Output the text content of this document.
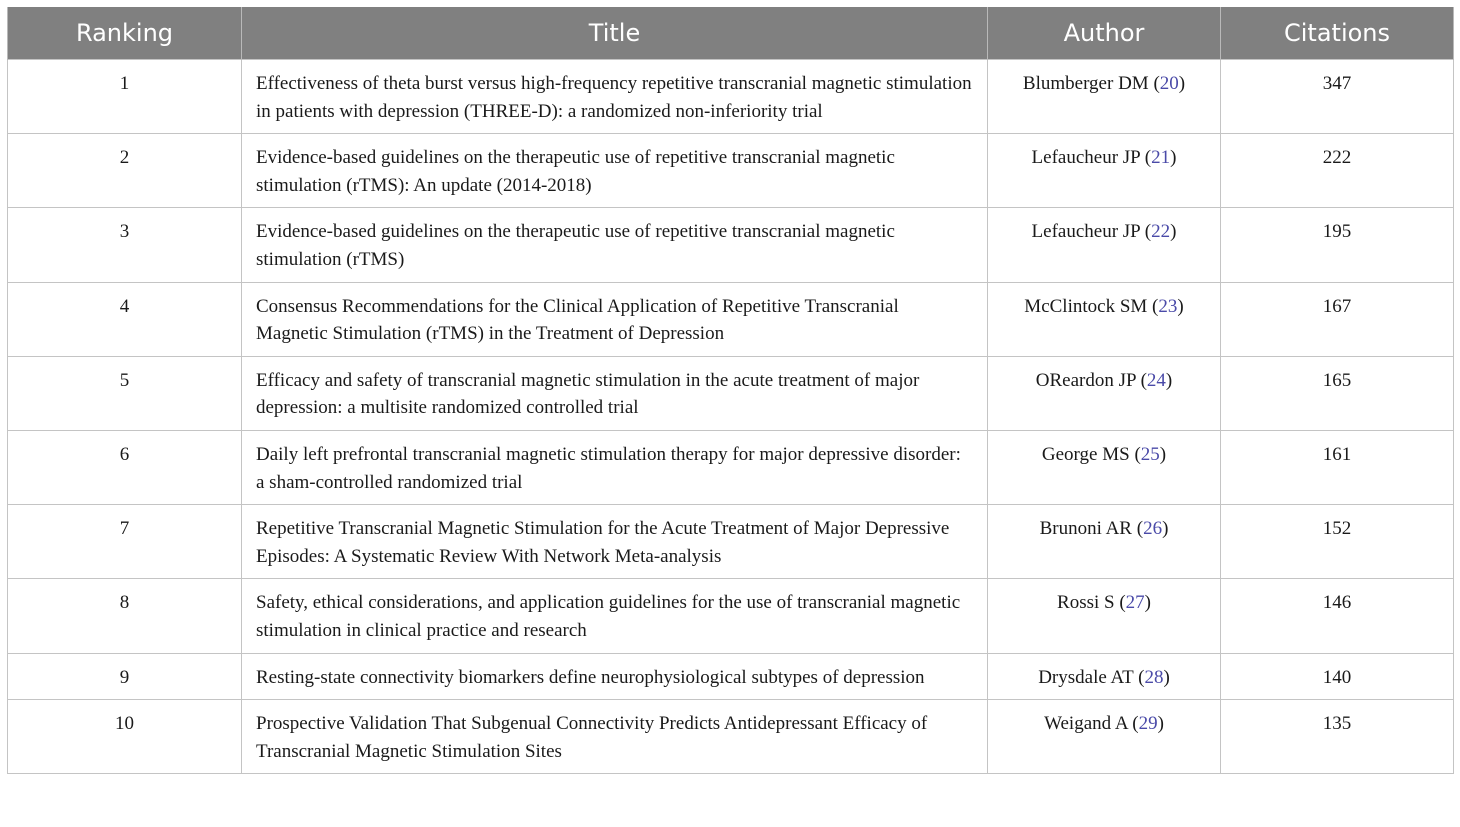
Ranking	Title	Author	Citations
1	Effectiveness of theta burst versus high-frequency repetitive transcranial magnetic stimulation in patients with depression (THREE-D): a randomized non-inferiority trial	Blumberger DM (20)	347
2	Evidence-based guidelines on the therapeutic use of repetitive transcranial magnetic stimulation (rTMS): An update (2014-2018)	Lefaucheur JP (21)	222
3	Evidence-based guidelines on the therapeutic use of repetitive transcranial magnetic stimulation (rTMS)	Lefaucheur JP (22)	195
4	Consensus Recommendations for the Clinical Application of Repetitive Transcranial Magnetic Stimulation (rTMS) in the Treatment of Depression	McClintock SM (23)	167
5	Efficacy and safety of transcranial magnetic stimulation in the acute treatment of major depression: a multisite randomized controlled trial	OReardon JP (24)	165
6	Daily left prefrontal transcranial magnetic stimulation therapy for major depressive disorder: a sham-controlled randomized trial	George MS (25)	161
7	Repetitive Transcranial Magnetic Stimulation for the Acute Treatment of Major Depressive Episodes: A Systematic Review With Network Meta-analysis	Brunoni AR (26)	152
8	Safety, ethical considerations, and application guidelines for the use of transcranial magnetic stimulation in clinical practice and research	Rossi S (27)	146
9	Resting-state connectivity biomarkers define neurophysiological subtypes of depression	Drysdale AT (28)	140
10	Prospective Validation That Subgenual Connectivity Predicts Antidepressant Efficacy of Transcranial Magnetic Stimulation Sites	Weigand A (29)	135
